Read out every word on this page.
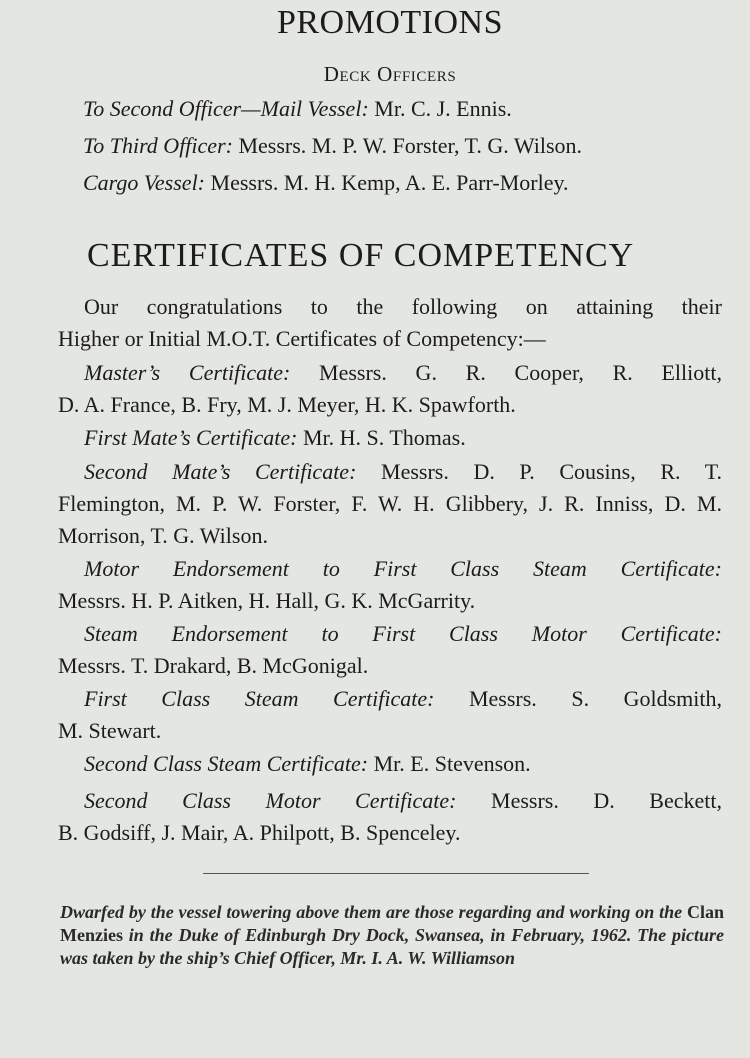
PROMOTIONS
Deck Officers
To Second Officer—Mail Vessel: Mr. C. J. Ennis.
To Third Officer: Messrs. M. P. W. Forster, T. G. Wilson.
Cargo Vessel: Messrs. M. H. Kemp, A. E. Parr-Morley.
CERTIFICATES OF COMPETENCY
Our congratulations to the following on attaining their
Higher or Initial M.O.T. Certificates of Competency:—
Master’s Certificate: Messrs. G. R. Cooper, R. Elliott,
D. A. France, B. Fry, M. J. Meyer, H. K. Spawforth.
First Mate’s Certificate: Mr. H. S. Thomas.
Second Mate’s Certificate: Messrs. D. P. Cousins, R. T.
Flemington, M. P. W. Forster, F. W. H. Glibbery, J. R. Inniss, D. M. Morrison, T. G. Wilson.
Motor Endorsement to First Class Steam Certificate:
Messrs. H. P. Aitken, H. Hall, G. K. McGarrity.
Steam Endorsement to First Class Motor Certificate:
Messrs. T. Drakard, B. McGonigal.
First Class Steam Certificate: Messrs. S. Goldsmith,
M. Stewart.
Second Class Steam Certificate: Mr. E. Stevenson.
Second Class Motor Certificate: Messrs. D. Beckett,
B. Godsiff, J. Mair, A. Philpott, B. Spenceley.
Dwarfed by the vessel towering above them are those regarding and working on the Clan Menzies in the Duke of Edinburgh Dry Dock, Swansea, in February, 1962. The picture was taken by the ship’s Chief Officer, Mr. I. A. W. Williamson
